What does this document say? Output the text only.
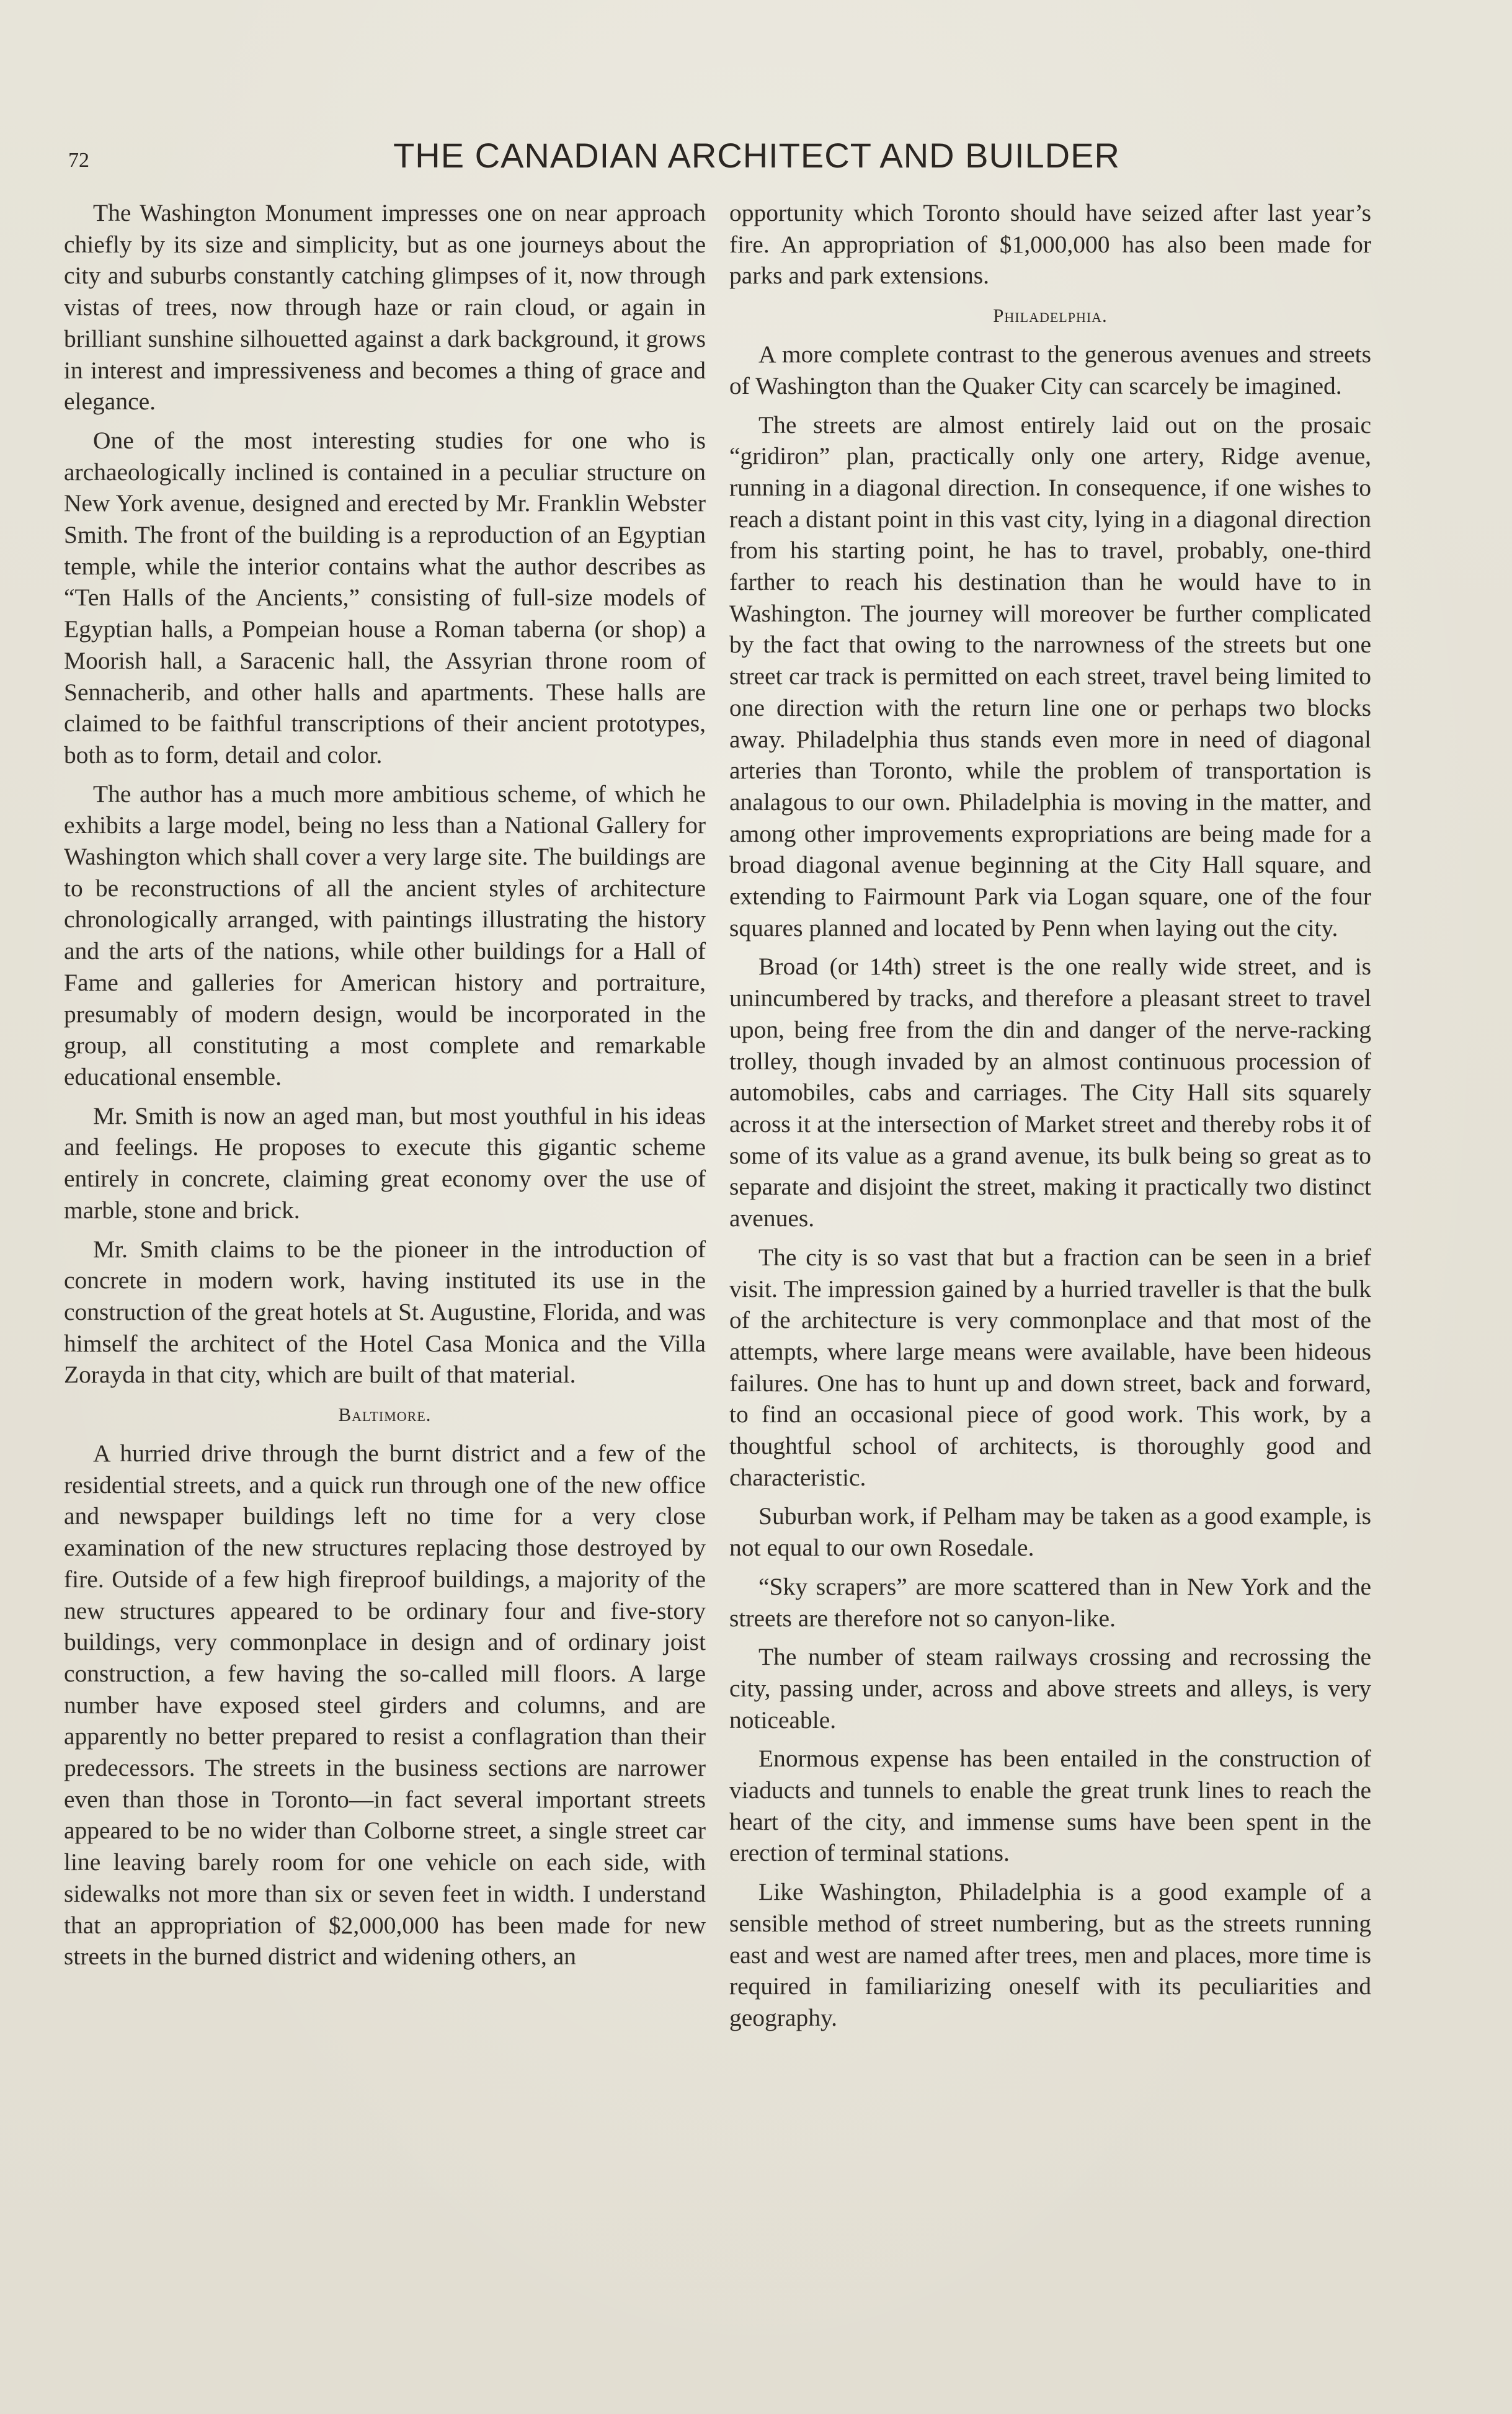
72	THE CANADIAN ARCHITECT AND BUILDER

The Washington Monument impresses one on near approach chiefly by its size and simplicity, but as one journeys about the city and suburbs constantly catching glimpses of it, now through vistas of trees, now through haze or rain cloud, or again in brilliant sunshine silhouetted against a dark background, it grows in interest and impressiveness and becomes a thing of grace and elegance.

One of the most interesting studies for one who is archaeologically inclined is contained in a peculiar structure on New York avenue, designed and erected by Mr. Franklin Webster Smith. The front of the building is a reproduction of an Egyptian temple, while the interior contains what the author describes as “Ten Halls of the Ancients,” consisting of full-size models of Egyptian halls, a Pompeian house a Roman taberna (or shop) a Moorish hall, a Saracenic hall, the Assyrian throne room of Sennacherib, and other halls and apartments. These halls are claimed to be faithful transcriptions of their ancient prototypes, both as to form, detail and color.

The author has a much more ambitious scheme, of which he exhibits a large model, being no less than a National Gallery for Washington which shall cover a very large site. The buildings are to be reconstructions of all the ancient styles of architecture chronologically arranged, with paintings illustrating the history and the arts of the nations, while other buildings for a Hall of Fame and galleries for American history and portraiture, presumably of modern design, would be incorporated in the group, all constituting a most complete and remarkable educational ensemble.

Mr. Smith is now an aged man, but most youthful in his ideas and feelings. He proposes to execute this gigantic scheme entirely in concrete, claiming great economy over the use of marble, stone and brick.

Mr. Smith claims to be the pioneer in the introduction of concrete in modern work, having instituted its use in the construction of the great hotels at St. Augustine, Florida, and was himself the architect of the Hotel Casa Monica and the Villa Zorayda in that city, which are built of that material.

Baltimore.

A hurried drive through the burnt district and a few of the residential streets, and a quick run through one of the new office and newspaper buildings left no time for a very close examination of the new structures replacing those destroyed by fire. Outside of a few high fireproof buildings, a majority of the new structures appeared to be ordinary four and five-story buildings, very commonplace in design and of ordinary joist construction, a few having the so-called mill floors. A large number have exposed steel girders and columns, and are apparently no better prepared to resist a conflagration than their predecessors. The streets in the business sections are narrower even than those in Toronto—in fact several important streets appeared to be no wider than Colborne street, a single street car line leaving barely room for one vehicle on each side, with sidewalks not more than six or seven feet in width. I understand that an appropriation of $2,000,000 has been made for new streets in the burned district and widening others, an

opportunity which Toronto should have seized after last year’s fire. An appropriation of $1,000,000 has also been made for parks and park extensions.

Philadelphia.

A more complete contrast to the generous avenues and streets of Washington than the Quaker City can scarcely be imagined.

The streets are almost entirely laid out on the prosaic “gridiron” plan, practically only one artery, Ridge avenue, running in a diagonal direction. In consequence, if one wishes to reach a distant point in this vast city, lying in a diagonal direction from his starting point, he has to travel, probably, one-third farther to reach his destination than he would have to in Washington. The journey will moreover be further complicated by the fact that owing to the narrowness of the streets but one street car track is permitted on each street, travel being limited to one direction with the return line one or perhaps two blocks away. Philadelphia thus stands even more in need of diagonal arteries than Toronto, while the problem of transportation is analagous to our own. Philadelphia is moving in the matter, and among other improvements expropriations are being made for a broad diagonal avenue beginning at the City Hall square, and extending to Fairmount Park via Logan square, one of the four squares planned and located by Penn when laying out the city.

Broad (or 14th) street is the one really wide street, and is unincumbered by tracks, and therefore a pleasant street to travel upon, being free from the din and danger of the nerve-racking trolley, though invaded by an almost continuous procession of automobiles, cabs and carriages. The City Hall sits squarely across it at the intersection of Market street and thereby robs it of some of its value as a grand avenue, its bulk being so great as to separate and disjoint the street, making it practically two distinct avenues.

The city is so vast that but a fraction can be seen in a brief visit. The impression gained by a hurried traveller is that the bulk of the architecture is very commonplace and that most of the attempts, where large means were available, have been hideous failures. One has to hunt up and down street, back and forward, to find an occasional piece of good work. This work, by a thoughtful school of architects, is thoroughly good and characteristic.

Suburban work, if Pelham may be taken as a good example, is not equal to our own Rosedale.

“Sky scrapers” are more scattered than in New York and the streets are therefore not so canyon-like.

The number of steam railways crossing and recrossing the city, passing under, across and above streets and alleys, is very noticeable.

Enormous expense has been entailed in the construction of viaducts and tunnels to enable the great trunk lines to reach the heart of the city, and immense sums have been spent in the erection of terminal stations.

Like Washington, Philadelphia is a good example of a sensible method of street numbering, but as the streets running east and west are named after trees, men and places, more time is required in familiarizing oneself with its peculiarities and geography.
